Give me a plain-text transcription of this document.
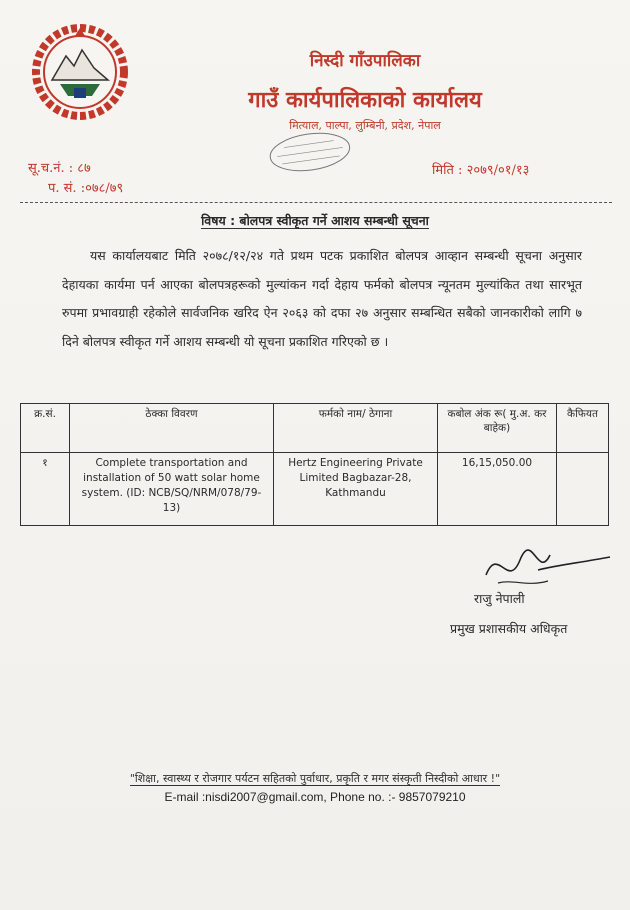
निस्दी गाँउपालिका
गाउँ कार्यपालिकाको कार्यालय
मित्याल, पाल्पा, लुम्बिनी, प्रदेश, नेपाल
सू.च.नं. : ८७
प. सं. :०७८/७९
मिति : २०७९/०१/१३
विषय : बोलपत्र स्वीकृत गर्ने आशय सम्बन्धी सूचना
यस कार्यालयबाट मिति २०७८/१२/२४ गते प्रथम पटक प्रकाशित बोलपत्र आव्हान सम्बन्धी सूचना अनुसार देहायका कार्यमा पर्न आएका बोलपत्रहरूको मुल्यांकन गर्दा देहाय फर्मको बोलपत्र न्यूनतम मुल्यांकित तथा सारभूत रुपमा प्रभावग्राही रहेकोले सार्वजनिक खरिद ऐन २०६३ को दफा २७ अनुसार सम्बन्धित सबैको जानकारीको लागि ७ दिने बोलपत्र स्वीकृत गर्ने आशय सम्बन्धी यो सूचना प्रकाशित गरिएको छ ।
क्र.सं.	ठेक्का विवरण	फर्मको नाम/ ठेगाना	कबोल अंक रू( मु.अ. कर बाहेक)	कैफियत
१	Complete transportation and installation of 50 watt solar home system. (ID: NCB/SQ/NRM/078/79-13)	Hertz Engineering Private Limited Bagbazar-28, Kathmandu	16,15,050.00	
राजु नेपाली
प्रमुख प्रशासकीय अधिकृत
"शिक्षा, स्वास्थ्य र रोजगार पर्यटन सहितको पुर्वाधार, प्रकृति र मगर संस्कृती निस्दीको आधार !"
E-mail :nisdi2007@gmail.com, Phone no. :- 9857079210
